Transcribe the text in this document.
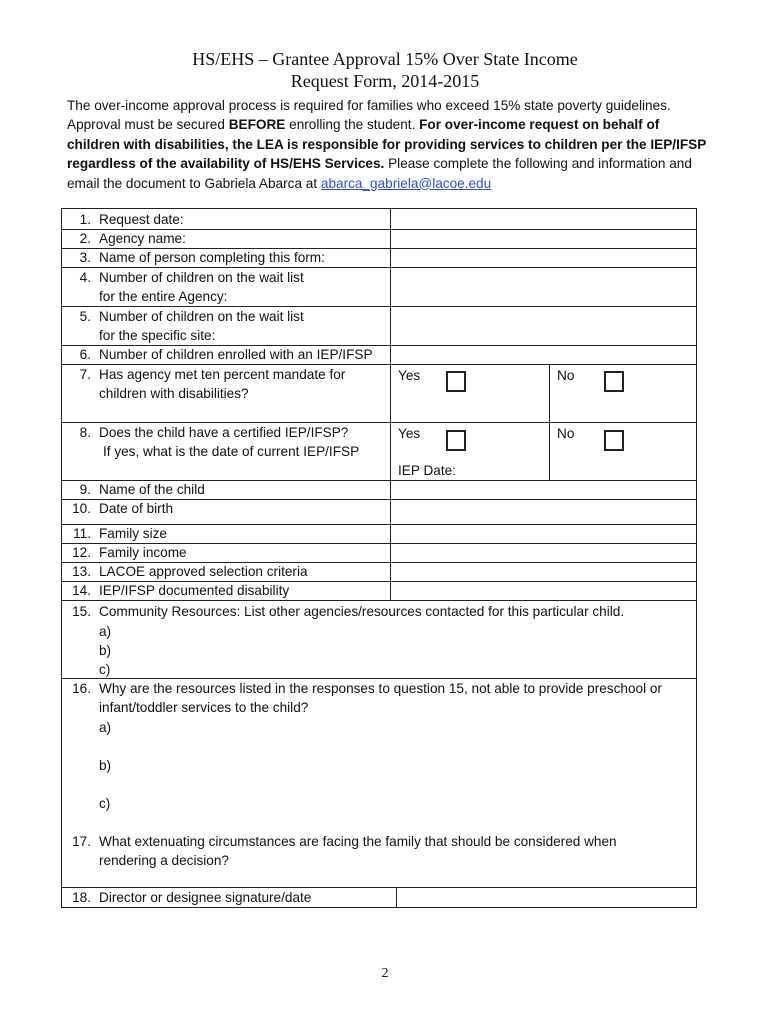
HS/EHS – Grantee Approval 15% Over State Income
Request Form, 2014-2015
The over-income approval process is required for families who exceed 15% state poverty guidelines. Approval must be secured BEFORE enrolling the student. For over-income request on behalf of children with disabilities, the LEA is responsible for providing services to children per the IEP/IFSP regardless of the availability of HS/EHS Services. Please complete the following and information and email the document to Gabriela Abarca at abarca_gabriela@lacoe.edu
Yes	No
Yes	No
IEP Date:
1. Request date:
2. Agency name:
3. Name of person completing this form:
4. Number of children on the wait list
for the entire Agency:
5. Number of children on the wait list
for the specific site:
6. Number of children enrolled with an IEP/IFSP
7. Has agency met ten percent mandate for
children with disabilities?
8. Does the child have a certified IEP/IFSP?
If yes, what is the date of current IEP/IFSP
9. Name of the child
10. Date of birth
11. Family size
12. Family income
13. LACOE approved selection criteria
14. IEP/IFSP documented disability
15. Community Resources: List other agencies/resources contacted for this particular child.
a)
b)
c)
16. Why are the resources listed in the responses to question 15, not able to provide preschool or
infant/toddler services to the child?
a)
b)
c)
17. What extenuating circumstances are facing the family that should be considered when
rendering a decision?
18. Director or designee signature/date
2
